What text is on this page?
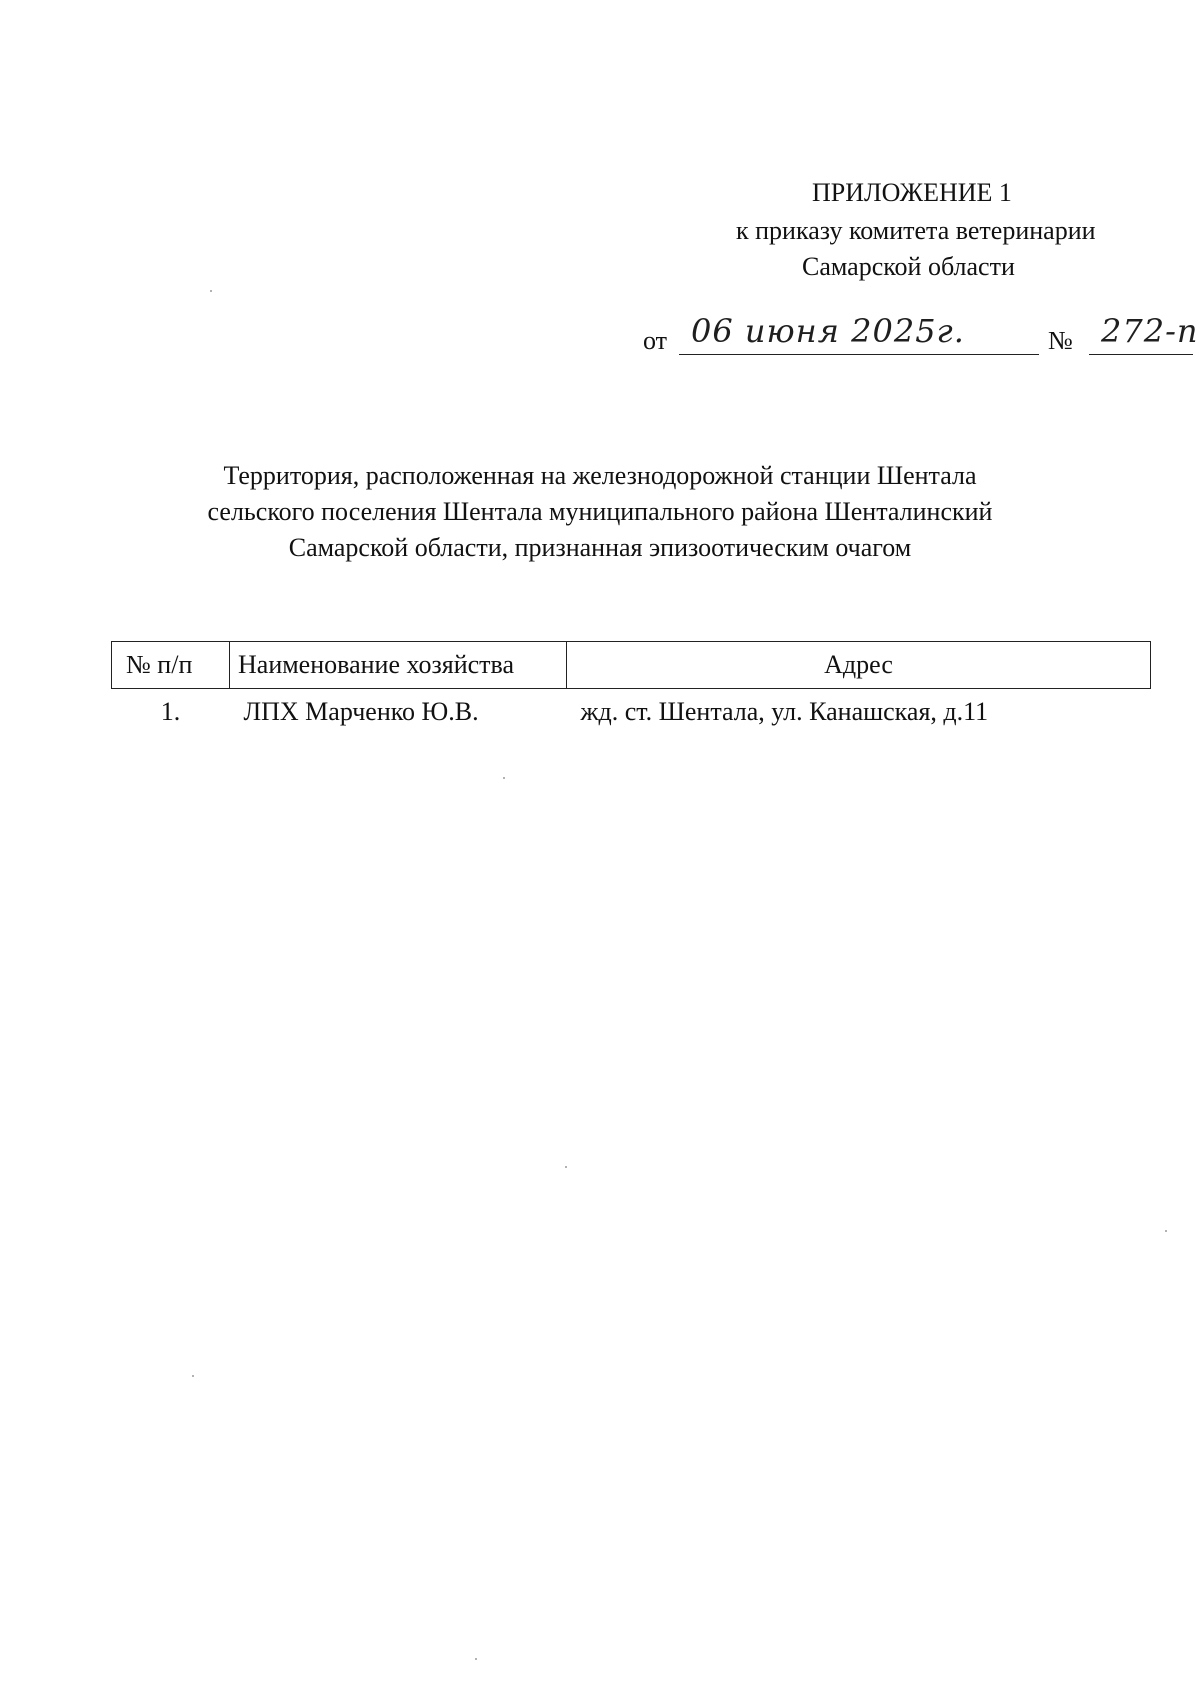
ПРИЛОЖЕНИЕ 1
к приказу комитета ветеринарии
Самарской области
от 06 июня 2025г.	№ 272-п
Территория, расположенная на железнодорожной станции Шентала
сельского поселения Шентала муниципального района Шенталинский
Самарской области, признанная эпизоотическим очагом
№ п/п	Наименование хозяйства	Адрес
1.	ЛПХ Марченко Ю.В.	жд. ст. Шентала, ул. Канашская, д.11
